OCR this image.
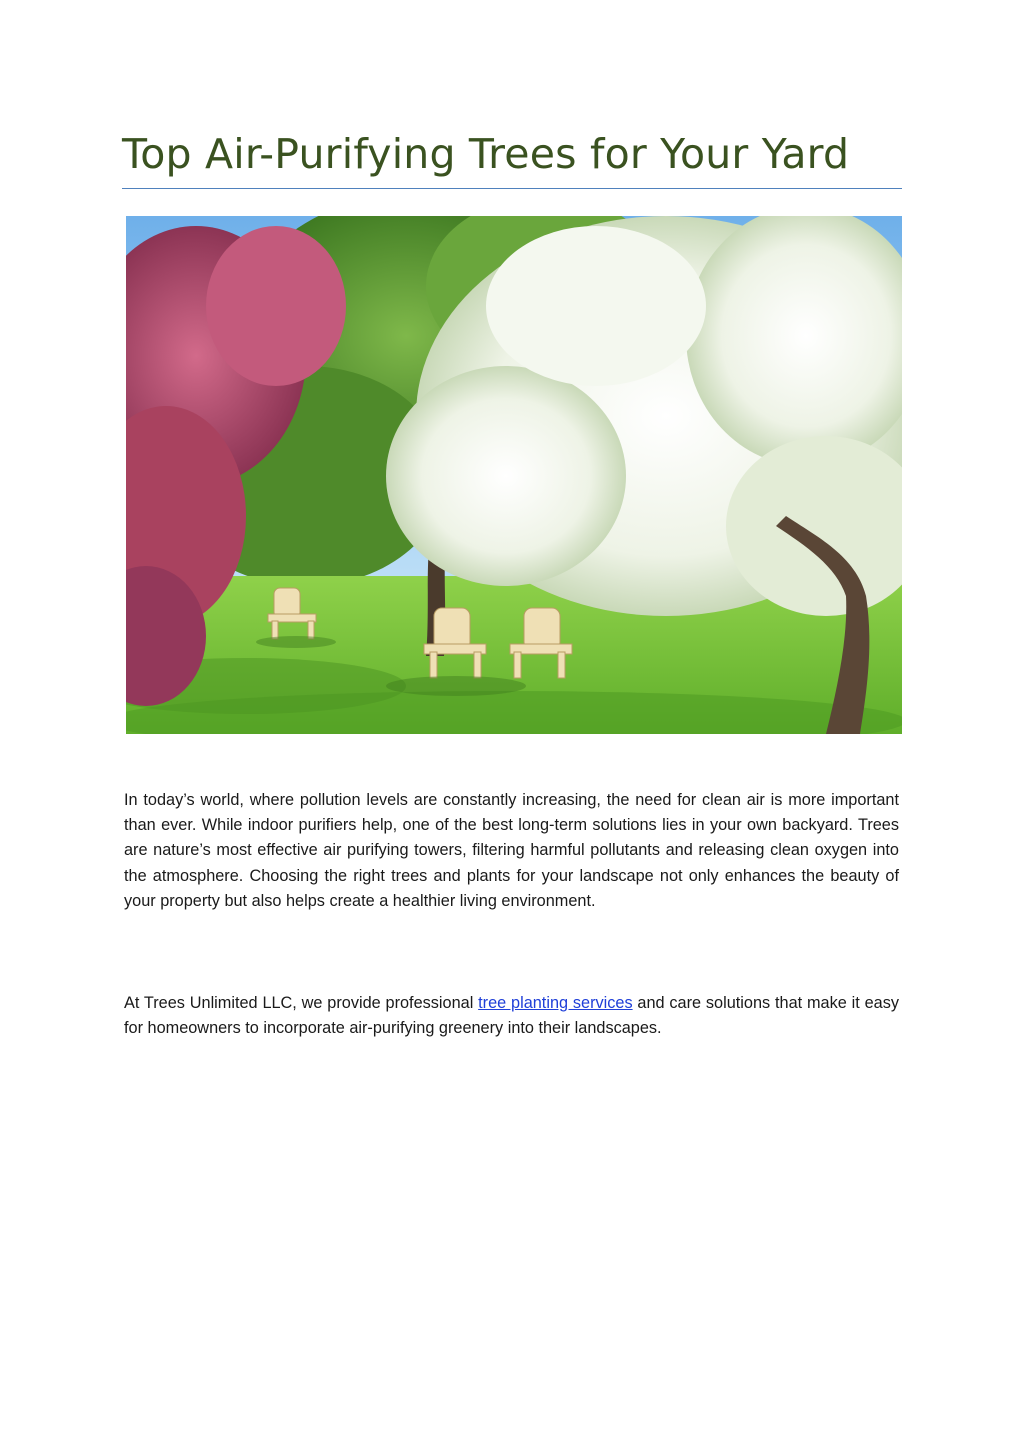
Top Air-Purifying Trees for Your Yard

In today’s world, where pollution levels are constantly increasing, the need for clean air is more important than ever. While indoor purifiers help, one of the best long-term solutions lies in your own backyard. Trees are nature’s most effective air purifying towers, filtering harmful pollutants and releasing clean oxygen into the atmosphere. Choosing the right trees and plants for your landscape not only enhances the beauty of your property but also helps create a healthier living environment.

At Trees Unlimited LLC, we provide professional tree planting services and care solutions that make it easy for homeowners to incorporate air-purifying greenery into their landscapes.
